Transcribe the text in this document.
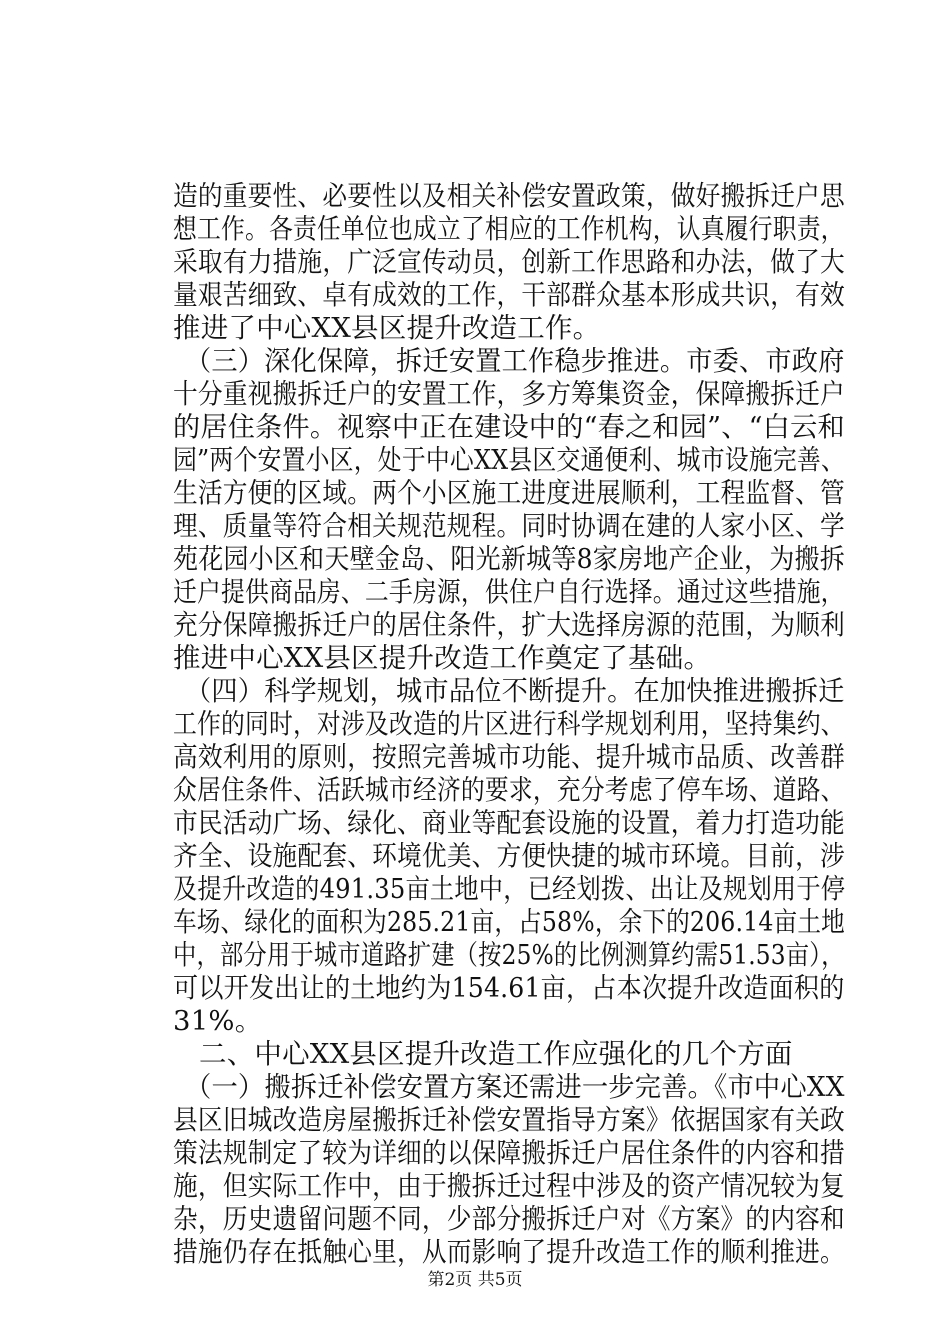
造的重要性、必要性以及相关补偿安置政策，做好搬拆迁户思
想工作。各责任单位也成立了相应的工作机构，认真履行职责，
采取有力措施，广泛宣传动员，创新工作思路和办法，做了大
量艰苦细致、卓有成效的工作，干部群众基本形成共识，有效
推进了中心XX县区提升改造工作。
（三）深化保障，拆迁安置工作稳步推进。市委、市政府
十分重视搬拆迁户的安置工作，多方筹集资金，保障搬拆迁户
的居住条件。视察中正在建设中的“春之和园”、“白云和
园”两个安置小区，处于中心XX县区交通便利、城市设施完善、
生活方便的区域。两个小区施工进度进展顺利，工程监督、管
理、质量等符合相关规范规程。同时协调在建的人家小区、学
苑花园小区和天壁金岛、阳光新城等8家房地产企业，为搬拆
迁户提供商品房、二手房源，供住户自行选择。通过这些措施，
充分保障搬拆迁户的居住条件，扩大选择房源的范围，为顺利
推进中心XX县区提升改造工作奠定了基础。
（四）科学规划，城市品位不断提升。在加快推进搬拆迁
工作的同时，对涉及改造的片区进行科学规划利用，坚持集约、
高效利用的原则，按照完善城市功能、提升城市品质、改善群
众居住条件、活跃城市经济的要求，充分考虑了停车场、道路、
市民活动广场、绿化、商业等配套设施的设置，着力打造功能
齐全、设施配套、环境优美、方便快捷的城市环境。目前，涉
及提升改造的491.35亩土地中，已经划拨、出让及规划用于停
车场、绿化的面积为285.21亩，占58%，余下的206.14亩土地
中，部分用于城市道路扩建（按25%的比例测算约需51.53亩），
可以开发出让的土地约为154.61亩，占本次提升改造面积的
31%。
二、中心XX县区提升改造工作应强化的几个方面
（一）搬拆迁补偿安置方案还需进一步完善。《市中心XX
县区旧城改造房屋搬拆迁补偿安置指导方案》依据国家有关政
策法规制定了较为详细的以保障搬拆迁户居住条件的内容和措
施，但实际工作中，由于搬拆迁过程中涉及的资产情况较为复
杂，历史遗留问题不同，少部分搬拆迁户对《方案》的内容和
措施仍存在抵触心里，从而影响了提升改造工作的顺利推进。
第2页 共5页
